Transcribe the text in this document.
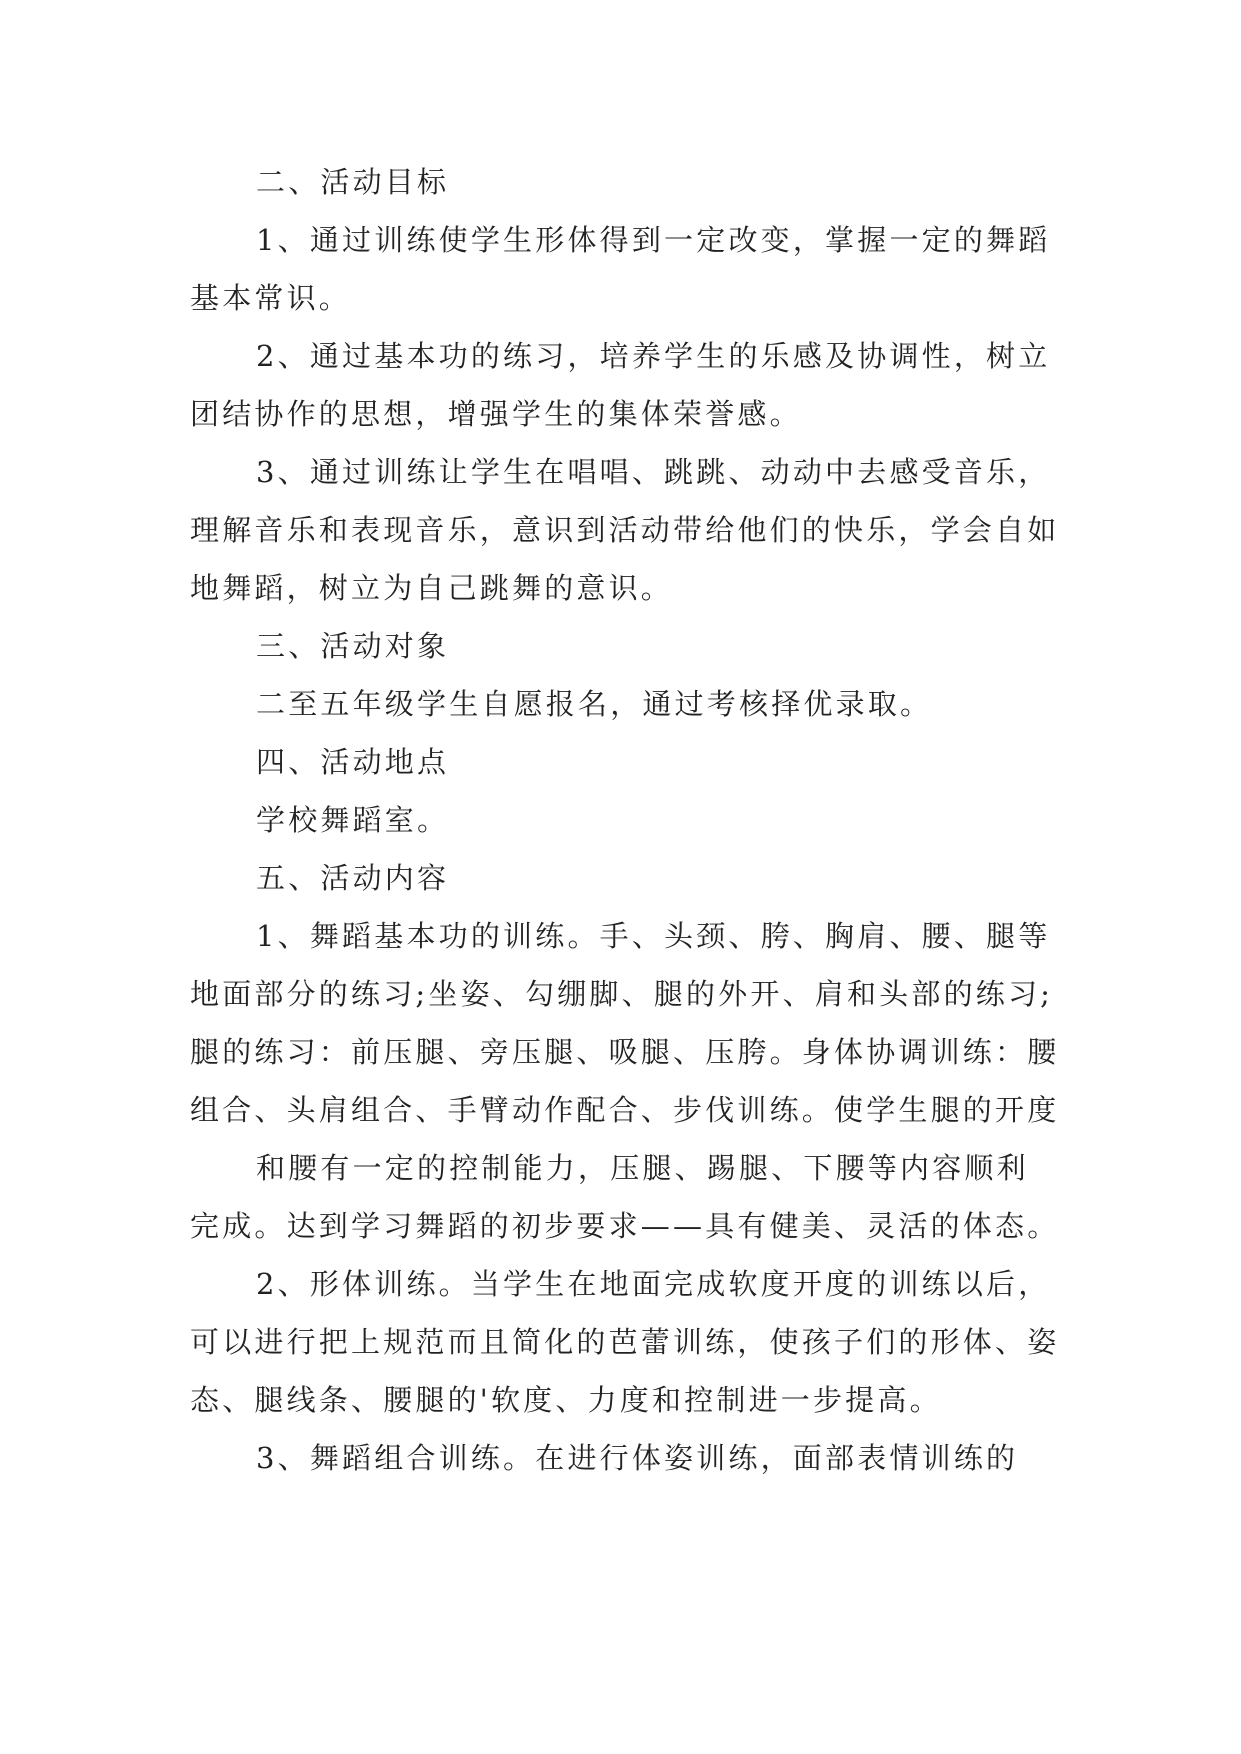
二、活动目标

1、通过训练使学生形体得到一定改变，掌握一定的舞蹈基本常识。

2、通过基本功的练习，培养学生的乐感及协调性，树立团结协作的思想，增强学生的集体荣誉感。

3、通过训练让学生在唱唱、跳跳、动动中去感受音乐，理解音乐和表现音乐，意识到活动带给他们的快乐，学会自如地舞蹈，树立为自己跳舞的意识。

三、活动对象

二至五年级学生自愿报名，通过考核择优录取。

四、活动地点

学校舞蹈室。

五、活动内容

1、舞蹈基本功的训练。手、头颈、胯、胸肩、腰、腿等地面部分的练习;坐姿、勾绷脚、腿的外开、肩和头部的练习;腿的练习：前压腿、旁压腿、吸腿、压胯。身体协调训练：腰组合、头肩组合、手臂动作配合、步伐训练。使学生腿的开度

和腰有一定的控制能力，压腿、踢腿、下腰等内容顺利完成。达到学习舞蹈的初步要求——具有健美、灵活的体态。

2、形体训练。当学生在地面完成软度开度的训练以后，可以进行把上规范而且简化的芭蕾训练，使孩子们的形体、姿态、腿线条、腰腿的'软度、力度和控制进一步提高。

3、舞蹈组合训练。在进行体姿训练，面部表情训练的
